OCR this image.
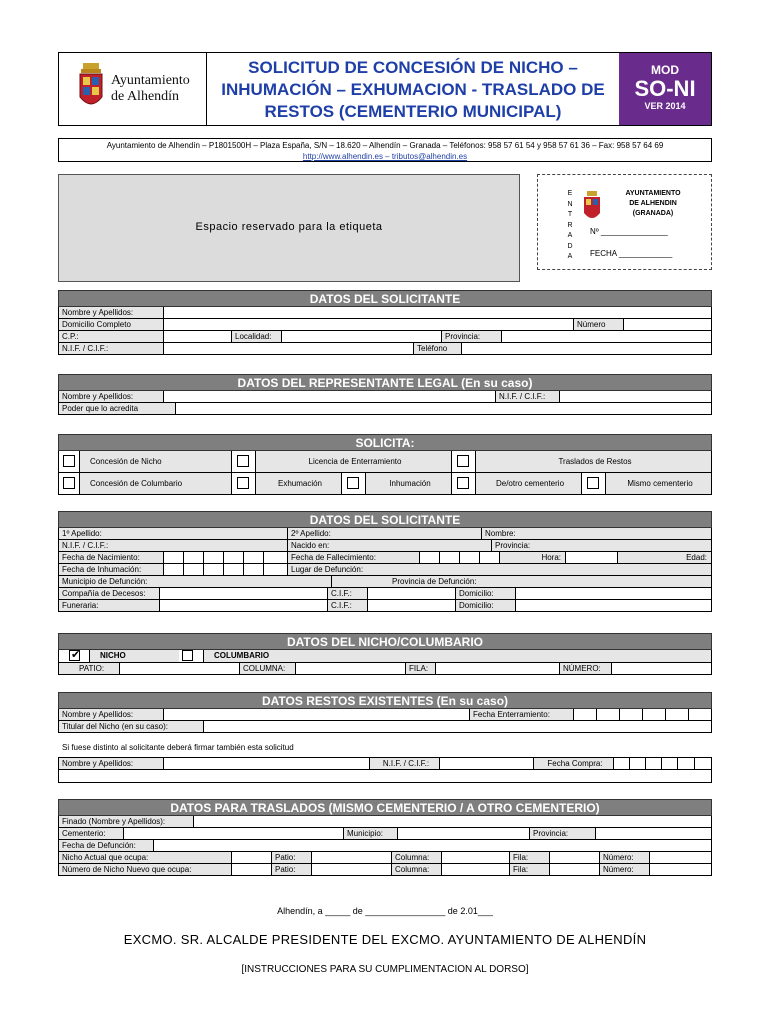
Ayuntamiento
de Alhendín
SOLICITUD DE CONCESIÓN DE NICHO –
INHUMACIÓN – EXHUMACION - TRASLADO DE
RESTOS (CEMENTERIO MUNICIPAL)
MOD
SO-NI
VER 2014
Ayuntamiento de Alhendín – P1801500H – Plaza España, S/N – 18.620 – Alhendín – Granada – Teléfonos: 958 57 61 54 y 958 57 61 36 – Fax: 958 57 64 69
http://www.alhendin.es – tributos@alhendin.es
Espacio reservado para la etiqueta
E
N
T
R
A
D
A
AYUNTAMIENTO
DE ALHENDIN
(GRANADA)
Nº _______________
FECHA ____________
DATOS DEL SOLICITANTE
Nombre y Apellidos:
Domicilio Completo	Número
C.P.:	Localidad:	Provincia:
N.I.F. / C.I.F.:	Teléfono
DATOS DEL REPRESENTANTE LEGAL (En su caso)
Nombre y Apellidos:	N.I.F. / C.I.F.:
Poder que lo acredita
SOLICITA:
Concesión de Nicho	Licencia de Enterramiento	Traslados de Restos
Concesión de Columbario	Exhumación	Inhumación	De/otro cementerio	Mismo cementerio
DATOS DEL SOLICITANTE
1º Apellido:	2º Apellido:	Nombre:
N.I.F. / C.I.F.:	Nacido en:	Provincia:
Fecha de Nacimiento:	Fecha de Fallecimiento:	Hora:	Edad:
Fecha de Inhumación:	Lugar de Defunción:
Municipio de Defunción:	Provincia de Defunción:
Compañía de Decesos:	C.I.F.:	Domicilio:
Funeraria:	C.I.F.:	Domicilio:
DATOS DEL NICHO/COLUMBARIO
✔
NICHO	COLUMBARIO
PATIO:	COLUMNA:	FILA:	NÚMERO:
DATOS RESTOS EXISTENTES (En su caso)
Nombre y Apellidos:	Fecha Enterramiento:
Titular del Nicho (en su caso):
Si fuese distinto al solicitante deberá firmar también esta solicitud
Nombre y Apellidos:	N.I.F. / C.I.F.:	Fecha Compra:
DATOS PARA TRASLADOS (MISMO CEMENTERIO / A OTRO CEMENTERIO)
Finado (Nombre y Apellidos):
Cementerio:	Municipio:	Provincia:
Fecha de Defunción:
Nicho Actual que ocupa:	Patio:	Columna:	Fila:	Número:
Número de Nicho Nuevo que ocupa:	Patio:	Columna:	Fila:	Número:
Alhendín, a _____ de ________________ de 2.01___
EXCMO. SR. ALCALDE PRESIDENTE DEL EXCMO. AYUNTAMIENTO DE ALHENDÍN
[INSTRUCCIONES PARA SU CUMPLIMENTACION AL DORSO]
